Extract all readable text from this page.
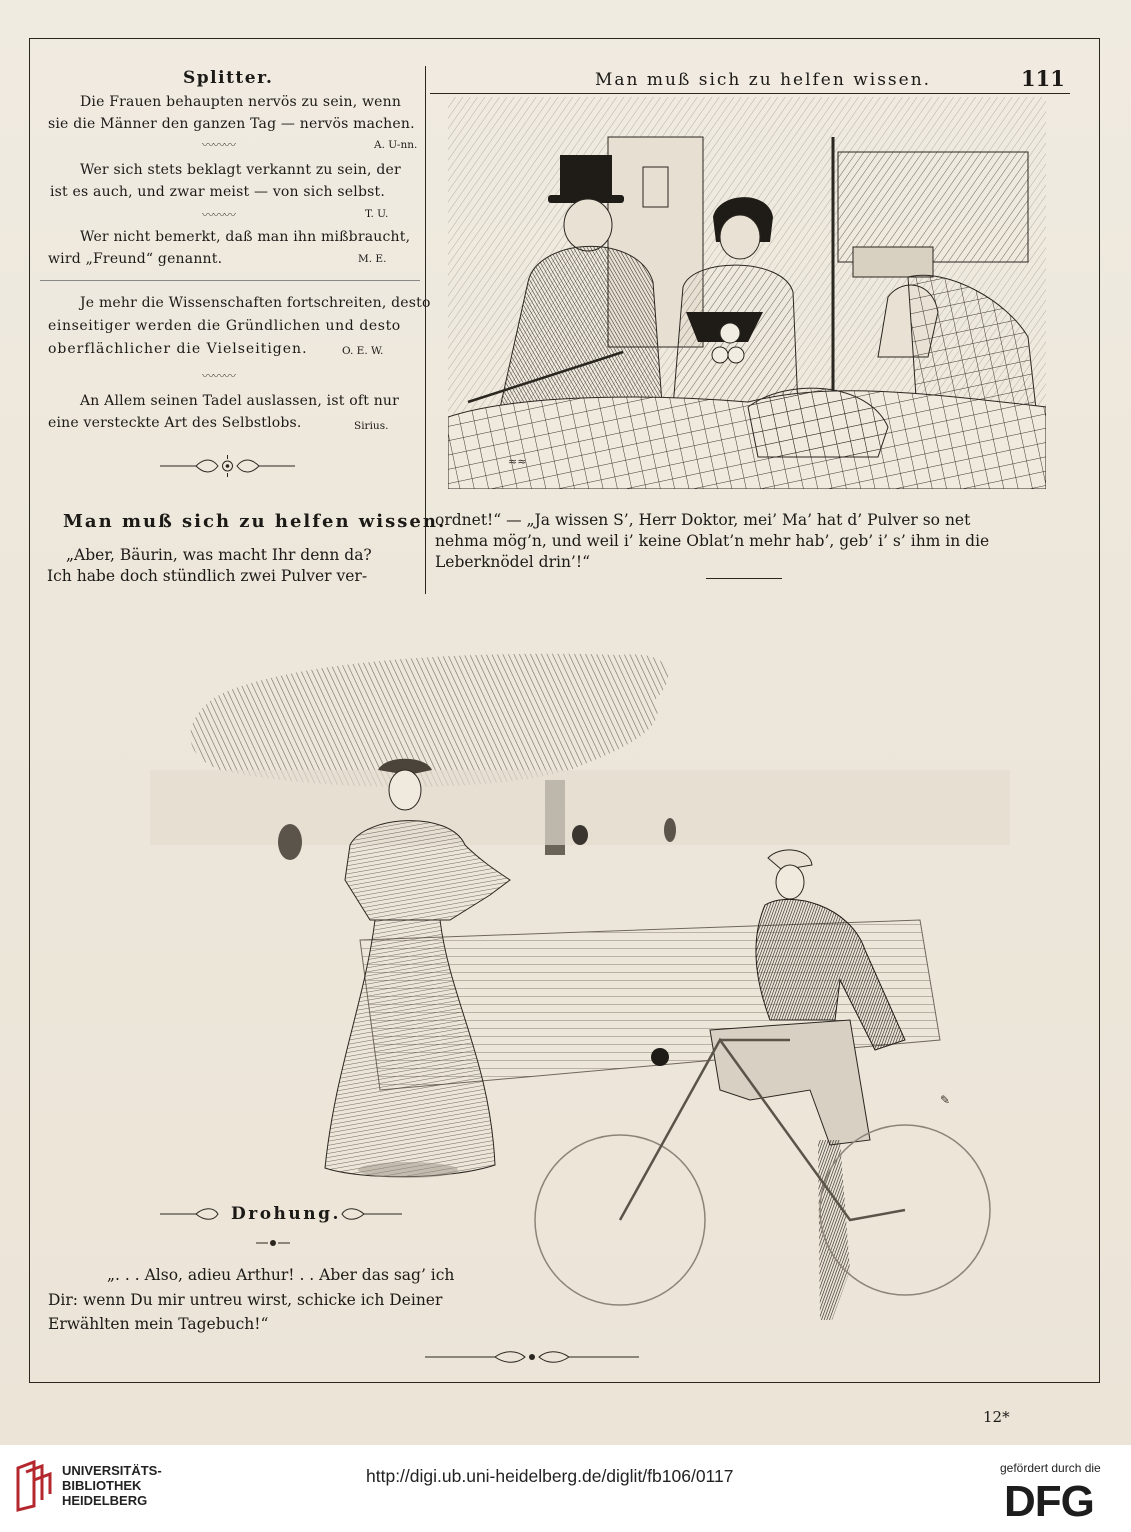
Splitter.	Man muß sich zu helfen wissen.	111
Die Frauen behaupten nervös zu sein, wenn
sie die Männer den ganzen Tag — nervös machen.
A. U-nn.
〰〰〰
Wer sich stets beklagt verkannt zu sein, der
ist es auch, und zwar meist — von sich selbst.
T. U.
〰〰〰
Wer nicht bemerkt, daß man ihn mißbraucht,
wird „Freund“ genannt.	M. E.
Je mehr die Wissenschaften fortschreiten, desto
einseitiger werden die Gründlichen und desto
oberflächlicher die Vielseitigen.	O. E. W.
〰〰〰
An Allem seinen Tadel auslassen, ist oft nur
eine versteckte Art des Selbstlobs.	Sirius.
Man muß sich zu helfen wissen.
„Aber, Bäurin, was macht Ihr denn da?
Ich habe doch stündlich zwei Pulver ver-
ordnet!“ — „Ja wissen S’, Herr Doktor, mei’ Ma’ hat d’ Pulver so net
nehma mög’n, und weil i’ keine Oblat’n mehr hab’, geb’ i’ s’ ihm in die
Leberknödel drin’!“
≈≈
✎
Drohung.
„. . . Also, adieu Arthur! . . Aber das sag’ ich
Dir: wenn Du mir untreu wirst, schicke ich Deiner
Erwählten mein Tagebuch!“
12*
UNIVERSITÄTS-
BIBLIOTHEK
HEIDELBERG
http://digi.ub.uni-heidelberg.de/diglit/fb106/0117	gefördert durch die
DFG
